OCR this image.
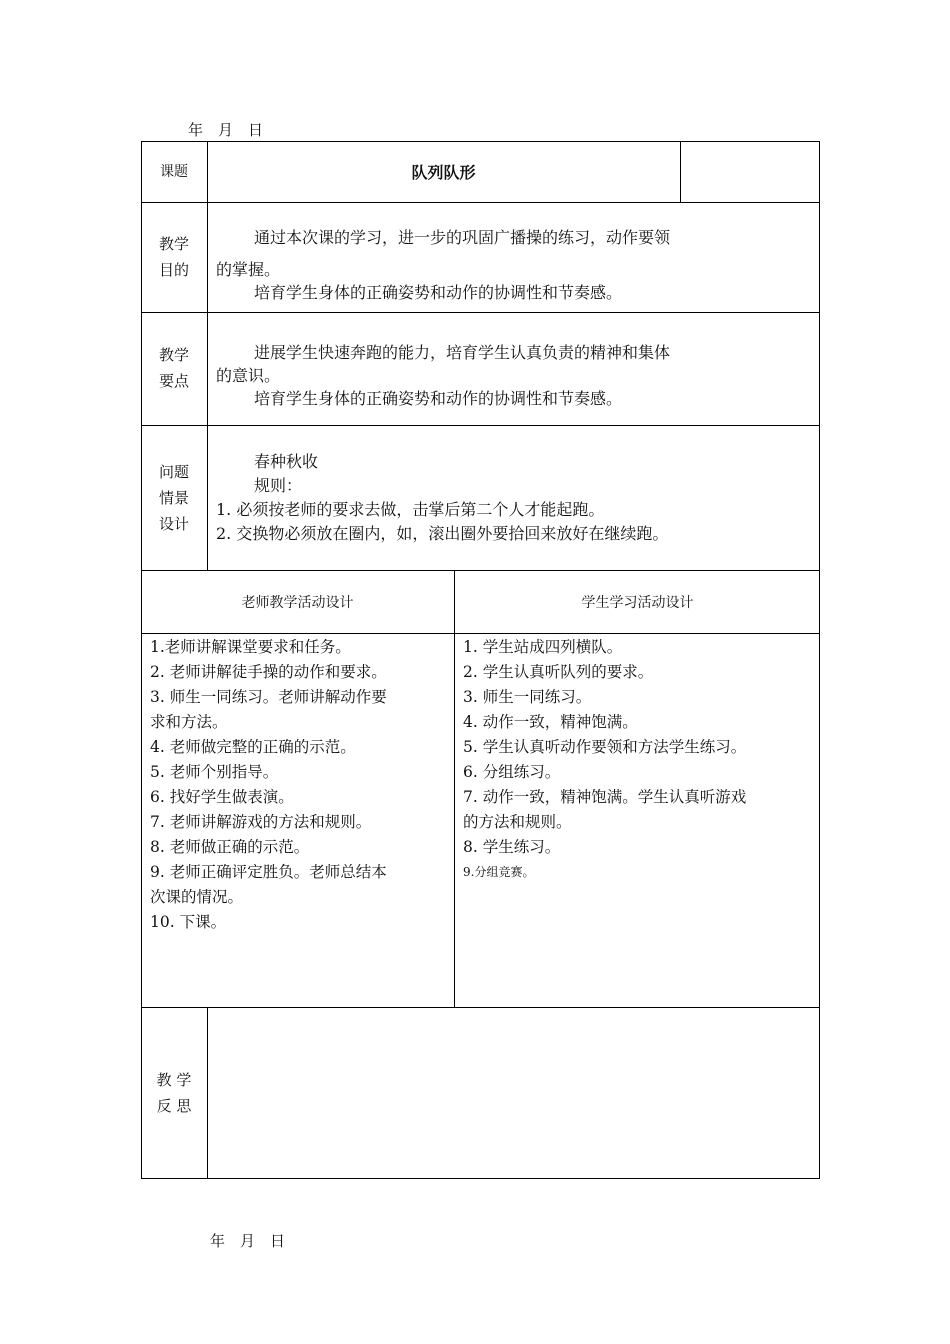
年　月　日
课题	队列队形
教学
目的
通过本次课的学习，进一步的巩固广播操的练习，动作要领
的掌握。
培育学生身体的正确姿势和动作的协调性和节奏感。
教学
要点
进展学生快速奔跑的能力，培育学生认真负责的精神和集体
的意识。
培育学生身体的正确姿势和动作的协调性和节奏感。
问题
情景
设计
春种秋收
规则：
1. 必须按老师的要求去做，击掌后第二个人才能起跑。
2. 交换物必须放在圈内，如，滚出圈外要拾回来放好在继续跑。
老师教学活动设计	学生学习活动设计
1.老师讲解课堂要求和任务。
2. 老师讲解徒手操的动作和要求。
3. 师生一同练习。老师讲解动作要
求和方法。
4. 老师做完整的正确的示范。
5. 老师个别指导。
6. 找好学生做表演。
7. 老师讲解游戏的方法和规则。
8. 老师做正确的示范。
9. 老师正确评定胜负。老师总结本
次课的情况。
10. 下课。
1. 学生站成四列横队。
2. 学生认真听队列的要求。
3. 师生一同练习。
4. 动作一致，精神饱满。
5. 学生认真听动作要领和方法学生练习。
6. 分组练习。
7. 动作一致，精神饱满。学生认真听游戏
的方法和规则。
8. 学生练习。
9.分组竞赛。
教 学
反 思
年　月　日
